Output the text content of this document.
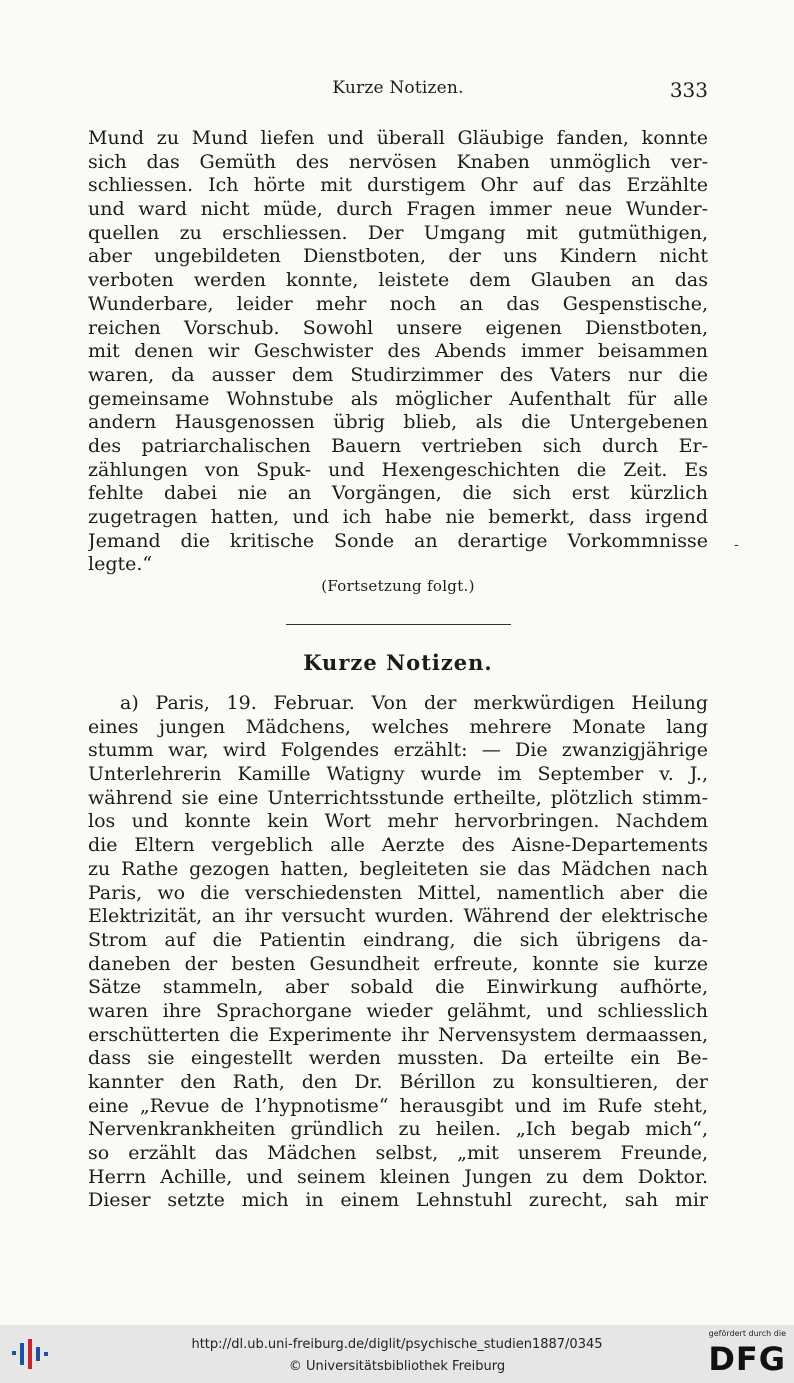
Kurze Notizen.	333
Mund zu Mund liefen und überall Gläubige fanden, konnte
sich das Gemüth des nervösen Knaben unmöglich ver-
schliessen. Ich hörte mit durstigem Ohr auf das Erzählte
und ward nicht müde, durch Fragen immer neue Wunder-
quellen zu erschliessen. Der Umgang mit gutmüthigen,
aber ungebildeten Dienstboten, der uns Kindern nicht
verboten werden konnte, leistete dem Glauben an das
Wunderbare, leider mehr noch an das Gespenstische,
reichen Vorschub. Sowohl unsere eigenen Dienstboten,
mit denen wir Geschwister des Abends immer beisammen
waren, da ausser dem Studirzimmer des Vaters nur die
gemeinsame Wohnstube als möglicher Aufenthalt für alle
andern Hausgenossen übrig blieb, als die Untergebenen
des patriarchalischen Bauern vertrieben sich durch Er-
zählungen von Spuk- und Hexengeschichten die Zeit. Es
fehlte dabei nie an Vorgängen, die sich erst kürzlich
zugetragen hatten, und ich habe nie bemerkt, dass irgend
Jemand die kritische Sonde an derartige Vorkommnisse
legte.“
-
(Fortsetzung folgt.)
Kurze Notizen.
a) Paris, 19. Februar. Von der merkwürdigen Heilung
eines jungen Mädchens, welches mehrere Monate lang
stumm war, wird Folgendes erzählt: — Die zwanzigjährige
Unterlehrerin Kamille Watigny wurde im September v. J.,
während sie eine Unterrichtsstunde ertheilte, plötzlich stimm-
los und konnte kein Wort mehr hervorbringen. Nachdem
die Eltern vergeblich alle Aerzte des Aisne-Departements
zu Rathe gezogen hatten, begleiteten sie das Mädchen nach
Paris, wo die verschiedensten Mittel, namentlich aber die
Elektrizität, an ihr versucht wurden. Während der elektrische
Strom auf die Patientin eindrang, die sich übrigens da-
daneben der besten Gesundheit erfreute, konnte sie kurze
Sätze stammeln, aber sobald die Einwirkung aufhörte,
waren ihre Sprachorgane wieder gelähmt, und schliesslich
erschütterten die Experimente ihr Nervensystem dermaassen,
dass sie eingestellt werden mussten. Da erteilte ein Be-
kannter den Rath, den Dr. Bérillon zu konsultieren, der
eine „Revue de l’hypnotisme“ herausgibt und im Rufe steht,
Nervenkrankheiten gründlich zu heilen. „Ich begab mich“,
so erzählt das Mädchen selbst, „mit unserem Freunde,
Herrn Achille, und seinem kleinen Jungen zu dem Doktor.
Dieser setzte mich in einem Lehnstuhl zurecht, sah mir
http://dl.ub.uni-freiburg.de/diglit/psychische_studien1887/0345
© Universitätsbibliothek Freiburg
gefördert durch die
DFG
